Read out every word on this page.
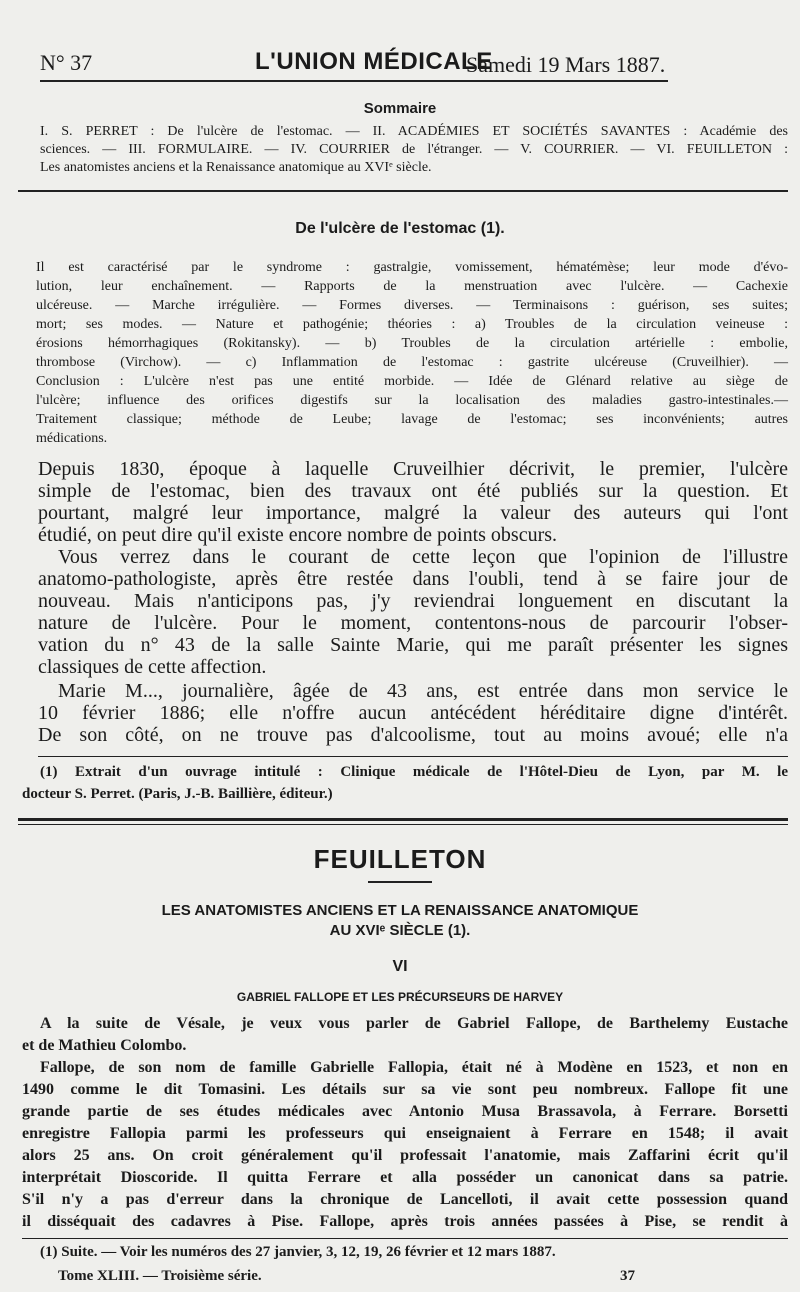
N° 37	L'UNION MÉDICALE
Samedi 19 Mars 1887.
Sommaire
I. S. PERRET : De l'ulcère de l'estomac. — II. ACADÉMIES ET SOCIÉTÉS SAVANTES : Académie des
sciences. — III. FORMULAIRE. — IV. COURRIER de l'étranger. — V. COURRIER. — VI. FEUILLETON :
Les anatomistes anciens et la Renaissance anatomique au XVIᵉ siècle.
De l'ulcère de l'estomac (1).
Il est caractérisé par le syndrome : gastralgie, vomissement, hématémèse; leur mode d'évo-
lution, leur enchaînement. — Rapports de la menstruation avec l'ulcère. — Cachexie
ulcéreuse. — Marche irrégulière. — Formes diverses. — Terminaisons : guérison, ses suites;
mort; ses modes. — Nature et pathogénie; théories : a) Troubles de la circulation veineuse :
érosions hémorrhagiques (Rokitansky). — b) Troubles de la circulation artérielle : embolie,
thrombose (Virchow). — c) Inflammation de l'estomac : gastrite ulcéreuse (Cruveilhier). —
Conclusion : L'ulcère n'est pas une entité morbide. — Idée de Glénard relative au siège de
l'ulcère; influence des orifices digestifs sur la localisation des maladies gastro-intestinales.—
Traitement classique; méthode de Leube; lavage de l'estomac; ses inconvénients; autres
médications.
Depuis 1830, époque à laquelle Cruveilhier décrivit, le premier, l'ulcère
simple de l'estomac, bien des travaux ont été publiés sur la question. Et
pourtant, malgré leur importance, malgré la valeur des auteurs qui l'ont
étudié, on peut dire qu'il existe encore nombre de points obscurs.
Vous verrez dans le courant de cette leçon que l'opinion de l'illustre
anatomo-pathologiste, après être restée dans l'oubli, tend à se faire jour de
nouveau. Mais n'anticipons pas, j'y reviendrai longuement en discutant la
nature de l'ulcère. Pour le moment, contentons-nous de parcourir l'obser-
vation du n° 43 de la salle Sainte Marie, qui me paraît présenter les signes
classiques de cette affection.
Marie M..., journalière, âgée de 43 ans, est entrée dans mon service le
10 février 1886; elle n'offre aucun antécédent héréditaire digne d'intérêt.
De son côté, on ne trouve pas d'alcoolisme, tout au moins avoué; elle n'a
(1) Extrait d'un ouvrage intitulé : Clinique médicale de l'Hôtel-Dieu de Lyon, par M. le
docteur S. Perret. (Paris, J.-B. Baillière, éditeur.)
FEUILLETON
LES ANATOMISTES ANCIENS ET LA RENAISSANCE ANATOMIQUE
AU XVIᵉ SIÈCLE (1).
VI
GABRIEL FALLOPE ET LES PRÉCURSEURS DE HARVEY
A la suite de Vésale, je veux vous parler de Gabriel Fallope, de Barthelemy Eustache
et de Mathieu Colombo.
Fallope, de son nom de famille Gabrielle Fallopia, était né à Modène en 1523, et non en
1490 comme le dit Tomasini. Les détails sur sa vie sont peu nombreux. Fallope fit une
grande partie de ses études médicales avec Antonio Musa Brassavola, à Ferrare. Borsetti
enregistre Fallopia parmi les professeurs qui enseignaient à Ferrare en 1548; il avait
alors 25 ans. On croit généralement qu'il professait l'anatomie, mais Zaffarini écrit qu'il
interprétait Dioscoride. Il quitta Ferrare et alla posséder un canonicat dans sa patrie.
S'il n'y a pas d'erreur dans la chronique de Lancelloti, il avait cette possession quand
il disséquait des cadavres à Pise. Fallope, après trois années passées à Pise, se rendit à
(1) Suite. — Voir les numéros des 27 janvier, 3, 12, 19, 26 février et 12 mars 1887.
Tome XLIII. — Troisième série.	37
